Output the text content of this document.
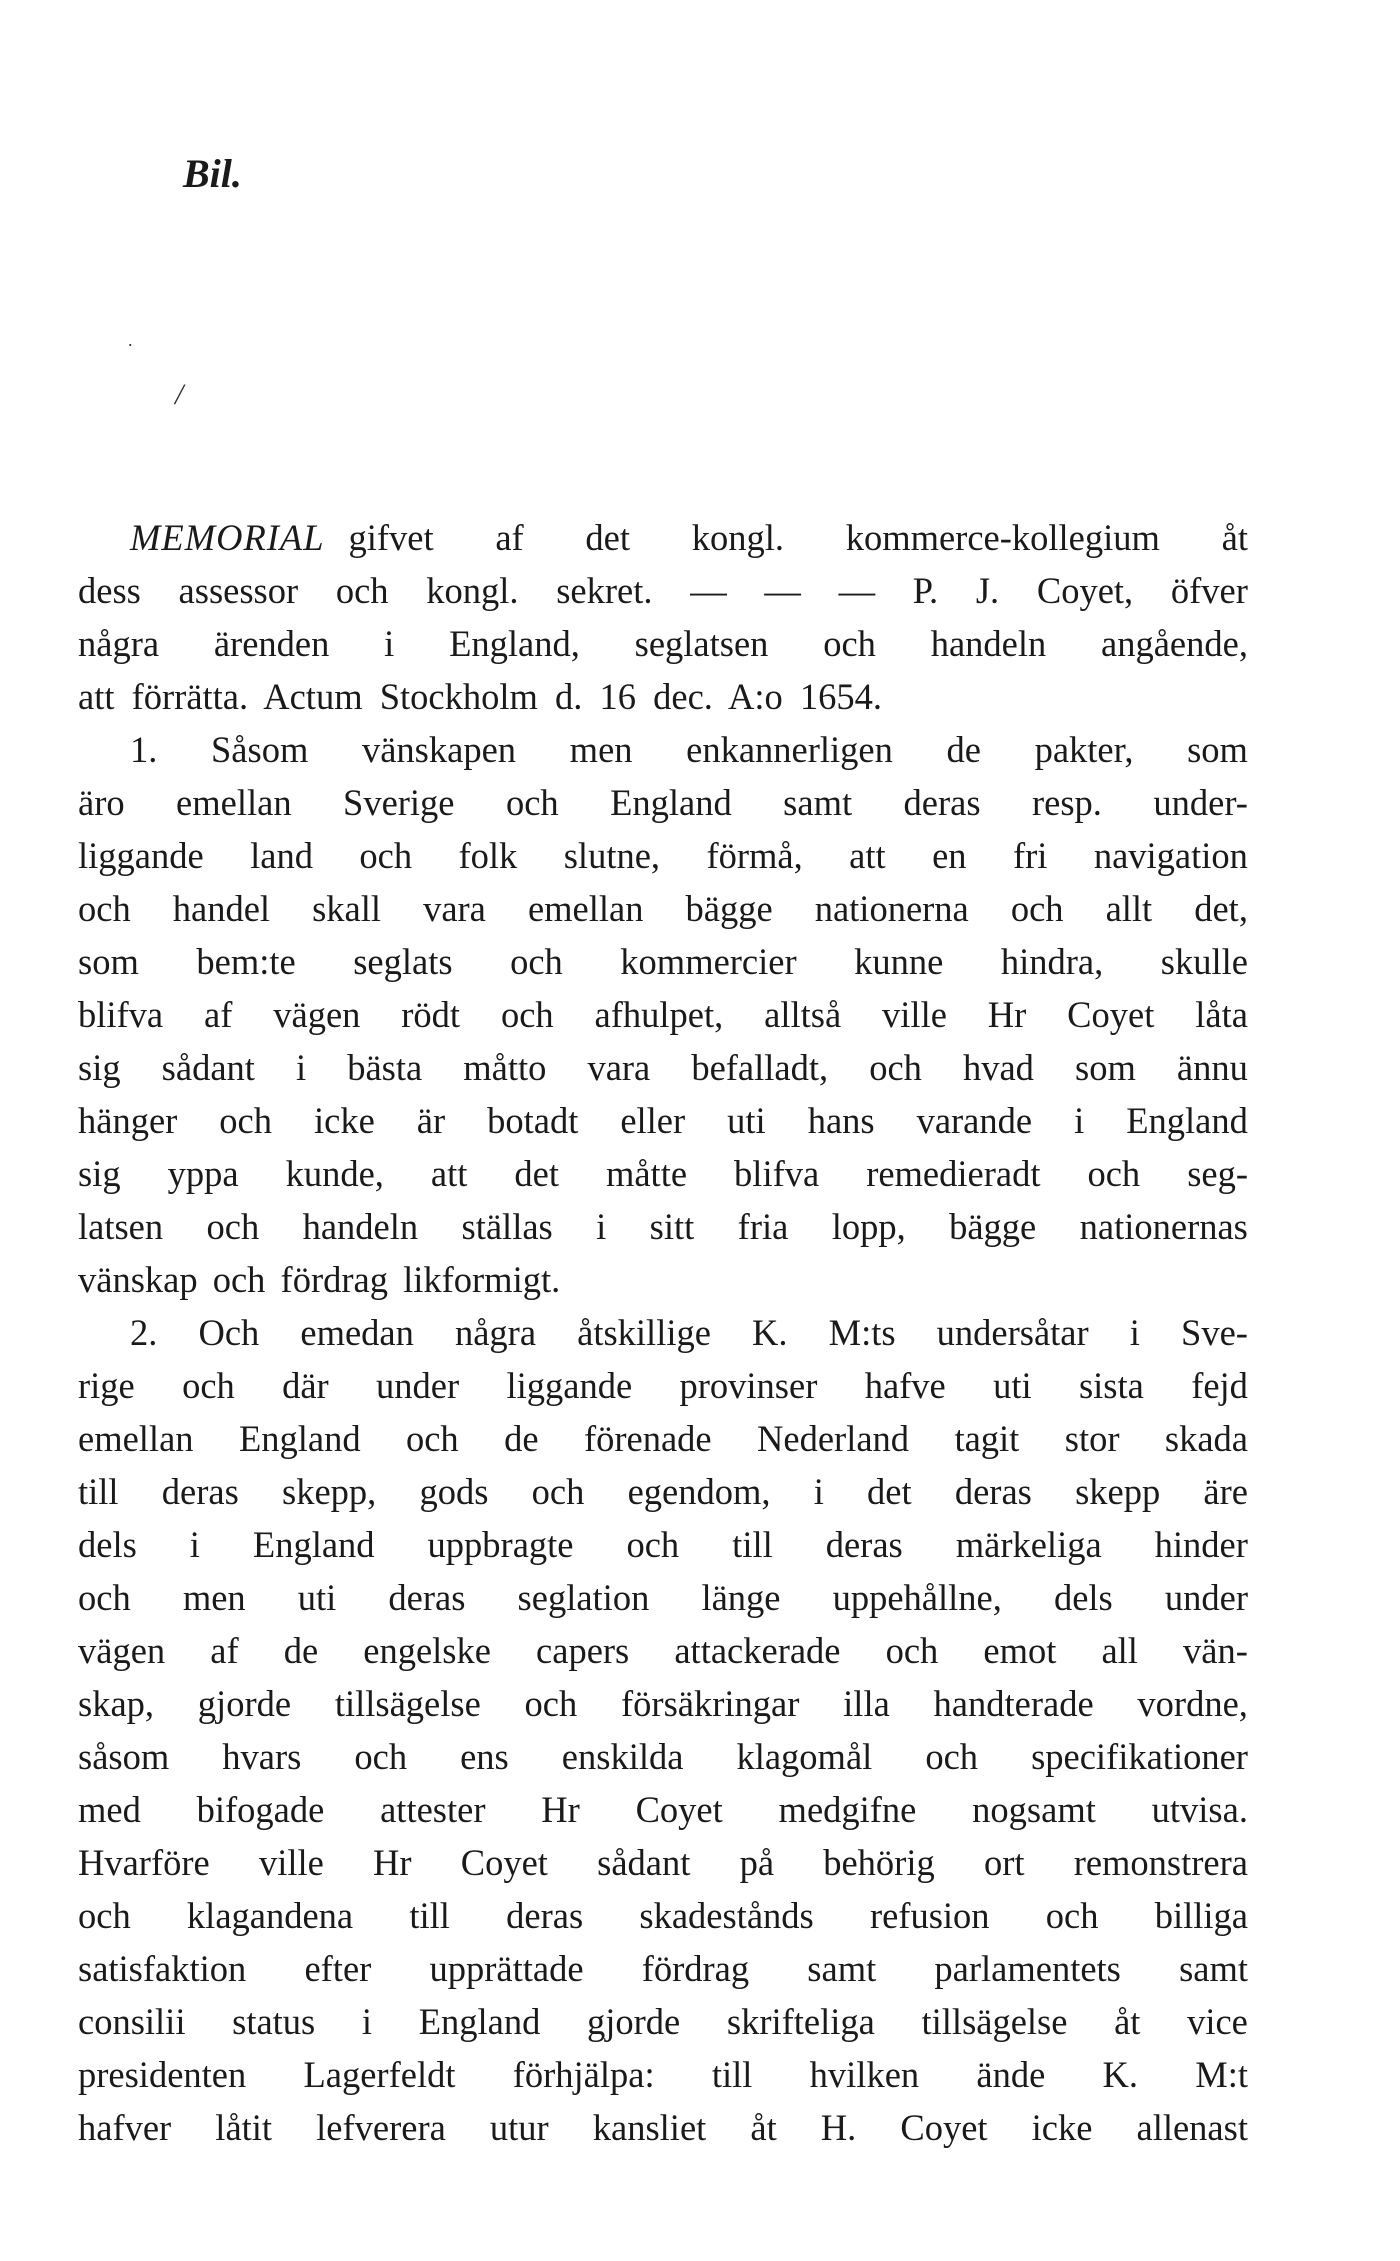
Bil.
.
/
MEMORIAL gifvet af det kongl. kommerce-kollegium åt
dess assessor och kongl. sekret. — — — P. J. Coyet, öfver
några ärenden i England, seglatsen och handeln angående,
att förrätta. Actum Stockholm d. 16 dec. A:o 1654.
1. Såsom vänskapen men enkannerligen de pakter, som
äro emellan Sverige och England samt deras resp. under-
liggande land och folk slutne, förmå, att en fri navigation
och handel skall vara emellan bägge nationerna och allt det,
som bem:te seglats och kommercier kunne hindra, skulle
blifva af vägen rödt och afhulpet, alltså ville Hr Coyet låta
sig sådant i bästa måtto vara befalladt, och hvad som ännu
hänger och icke är botadt eller uti hans varande i England
sig yppa kunde, att det måtte blifva remedieradt och seg-
latsen och handeln ställas i sitt fria lopp, bägge nationernas
vänskap och fördrag likformigt.
2. Och emedan några åtskillige K. M:ts undersåtar i Sve-
rige och där under liggande provinser hafve uti sista fejd
emellan England och de förenade Nederland tagit stor skada
till deras skepp, gods och egendom, i det deras skepp äre
dels i England uppbragte och till deras märkeliga hinder
och men uti deras seglation länge uppehållne, dels under
vägen af de engelske capers attackerade och emot all vän-
skap, gjorde tillsägelse och försäkringar illa handterade vordne,
såsom hvars och ens enskilda klagomål och specifikationer
med bifogade attester Hr Coyet medgifne nogsamt utvisa.
Hvarföre ville Hr Coyet sådant på behörig ort remonstrera
och klagandena till deras skadestånds refusion och billiga
satisfaktion efter upprättade fördrag samt parlamentets samt
consilii status i England gjorde skrifteliga tillsägelse åt vice
presidenten Lagerfeldt förhjälpa: till hvilken ände K. M:t
hafver låtit lefverera utur kansliet åt H. Coyet icke allenast
